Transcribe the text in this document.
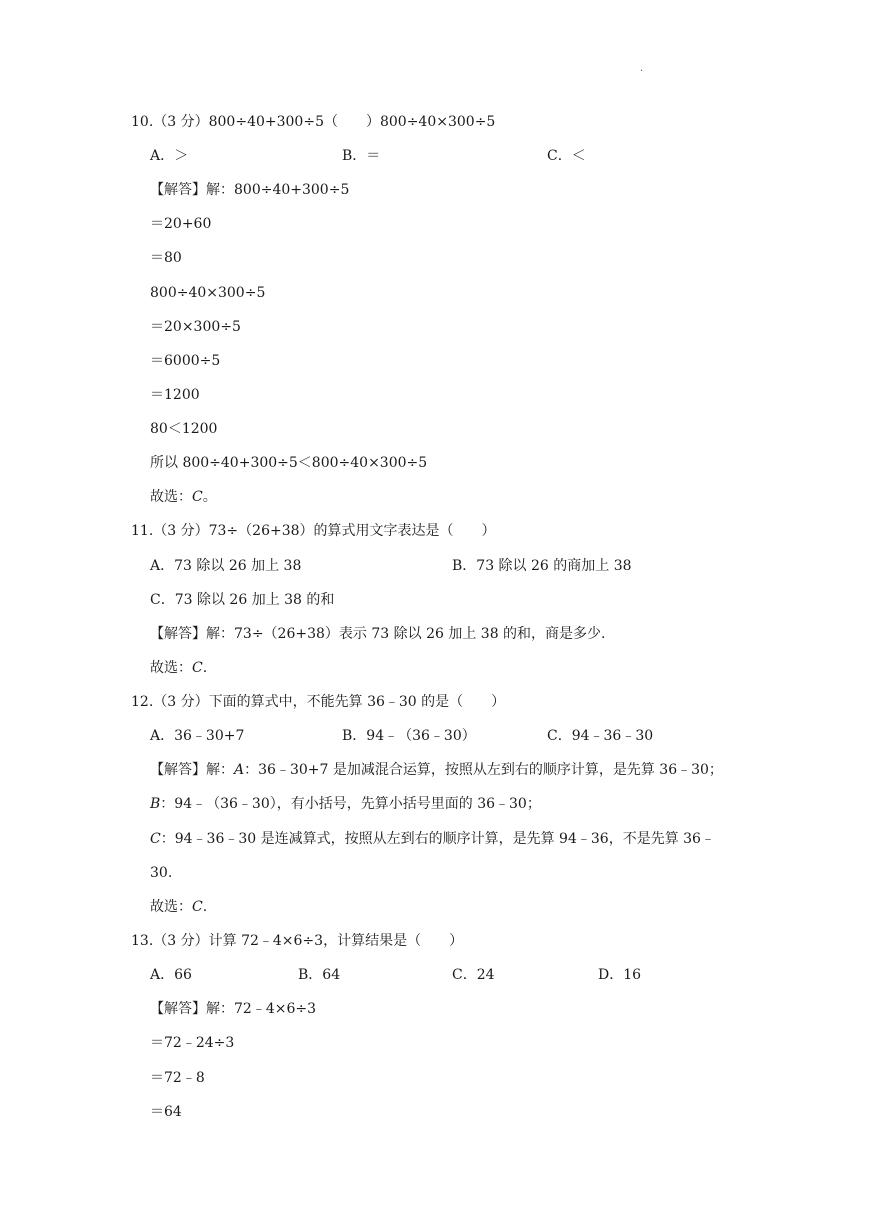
·
10.（3 分）800÷40+300÷5（　　）800÷40×300÷5
A．＞	B．＝	C．＜
【解答】解：800÷40+300÷5
＝20+60
＝80
800÷40×300÷5
＝20×300÷5
＝6000÷5
＝1200
80＜1200
所以 800÷40+300÷5＜800÷40×300÷5
故选：C。
11.（3 分）73÷（26+38）的算式用文字表达是（　　）
A．73 除以 26 加上 38	B．73 除以 26 的商加上 38
C．73 除以 26 加上 38 的和
【解答】解：73÷（26+38）表示 73 除以 26 加上 38 的和，商是多少.
故选：C.
12.（3 分）下面的算式中，不能先算 36﹣30 的是（　　）
A．36﹣30+7	B．94﹣（36﹣30）	C．94﹣36﹣30
【解答】解：A：36﹣30+7 是加减混合运算，按照从左到右的顺序计算，是先算 36﹣30；
B：94﹣（36﹣30），有小括号，先算小括号里面的 36﹣30；
C：94﹣36﹣30 是连减算式，按照从左到右的顺序计算，是先算 94﹣36，不是先算 36﹣
30.
故选：C.
13.（3 分）计算 72﹣4×6÷3，计算结果是（　　）
A．66	B．64	C．24	D．16
【解答】解：72﹣4×6÷3
＝72﹣24÷3
＝72﹣8
＝64
